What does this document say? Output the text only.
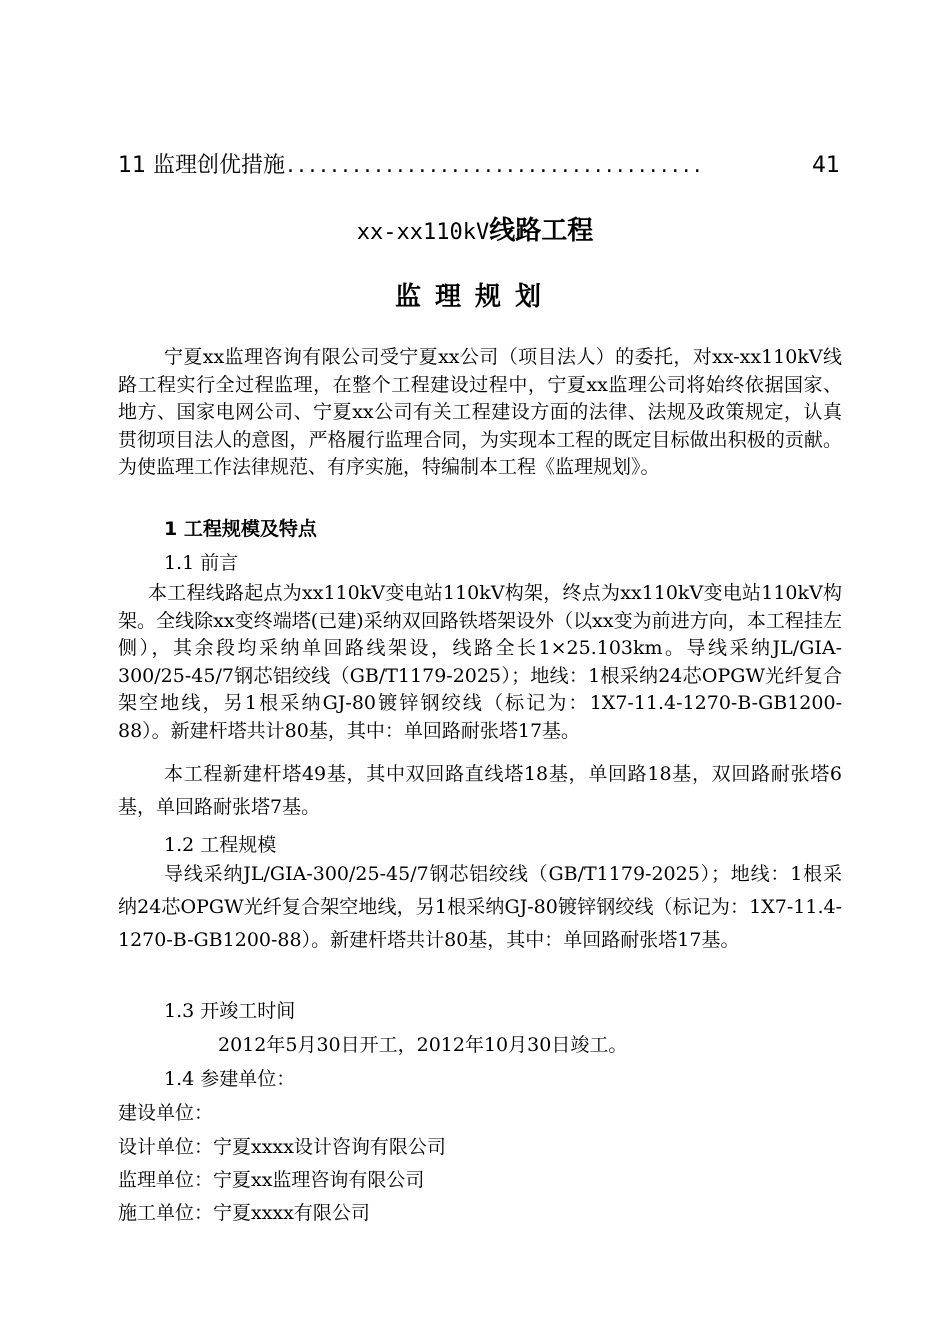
11 监理创优措施 ......................................	41
xx-xx110kV线路工程
监理规划
宁夏xx监理咨询有限公司受宁夏xx公司（项目法人）的委托，对xx-xx110kV线路工程实行全过程监理，在整个工程建设过程中，宁夏xx监理公司将始终依据国家、地方、国家电网公司、宁夏xx公司有关工程建设方面的法律、法规及政策规定，认真贯彻项目法人的意图，严格履行监理合同，为实现本工程的既定目标做出积极的贡献。为使监理工作法律规范、有序实施，特编制本工程《监理规划》。
1 工程规模及特点
1.1 前言
本工程线路起点为xx110kV变电站110kV构架，终点为xx110kV变电站110kV构架。全线除xx变终端塔(已建)采纳双回路铁塔架设外（以xx变为前进方向，本工程挂左侧），其余段均采纳单回路线架设，线路全长1×25.103km。导线采纳JL/GIA-300/25-45/7钢芯铝绞线（GB/T1179-2025）；地线：1根采纳24芯OPGW光纤复合架空地线，另1根采纳GJ-80镀锌钢绞线（标记为：1X7-11.4-1270-B-GB1200-88）。新建杆塔共计80基，其中：单回路耐张塔17基。
本工程新建杆塔49基，其中双回路直线塔18基，单回路18基，双回路耐张塔6基，单回路耐张塔7基。
1.2 工程规模
导线采纳JL/GIA-300/25-45/7钢芯铝绞线（GB/T1179-2025）；地线：1根采纳24芯OPGW光纤复合架空地线，另1根采纳GJ-80镀锌钢绞线（标记为：1X7-11.4-1270-B-GB1200-88）。新建杆塔共计80基，其中：单回路耐张塔17基。
1.3 开竣工时间
2012年5月30日开工，2012年10月30日竣工。
1.4 参建单位：
建设单位：
设计单位：宁夏xxxx设计咨询有限公司
监理单位：宁夏xx监理咨询有限公司
施工单位：宁夏xxxx有限公司
